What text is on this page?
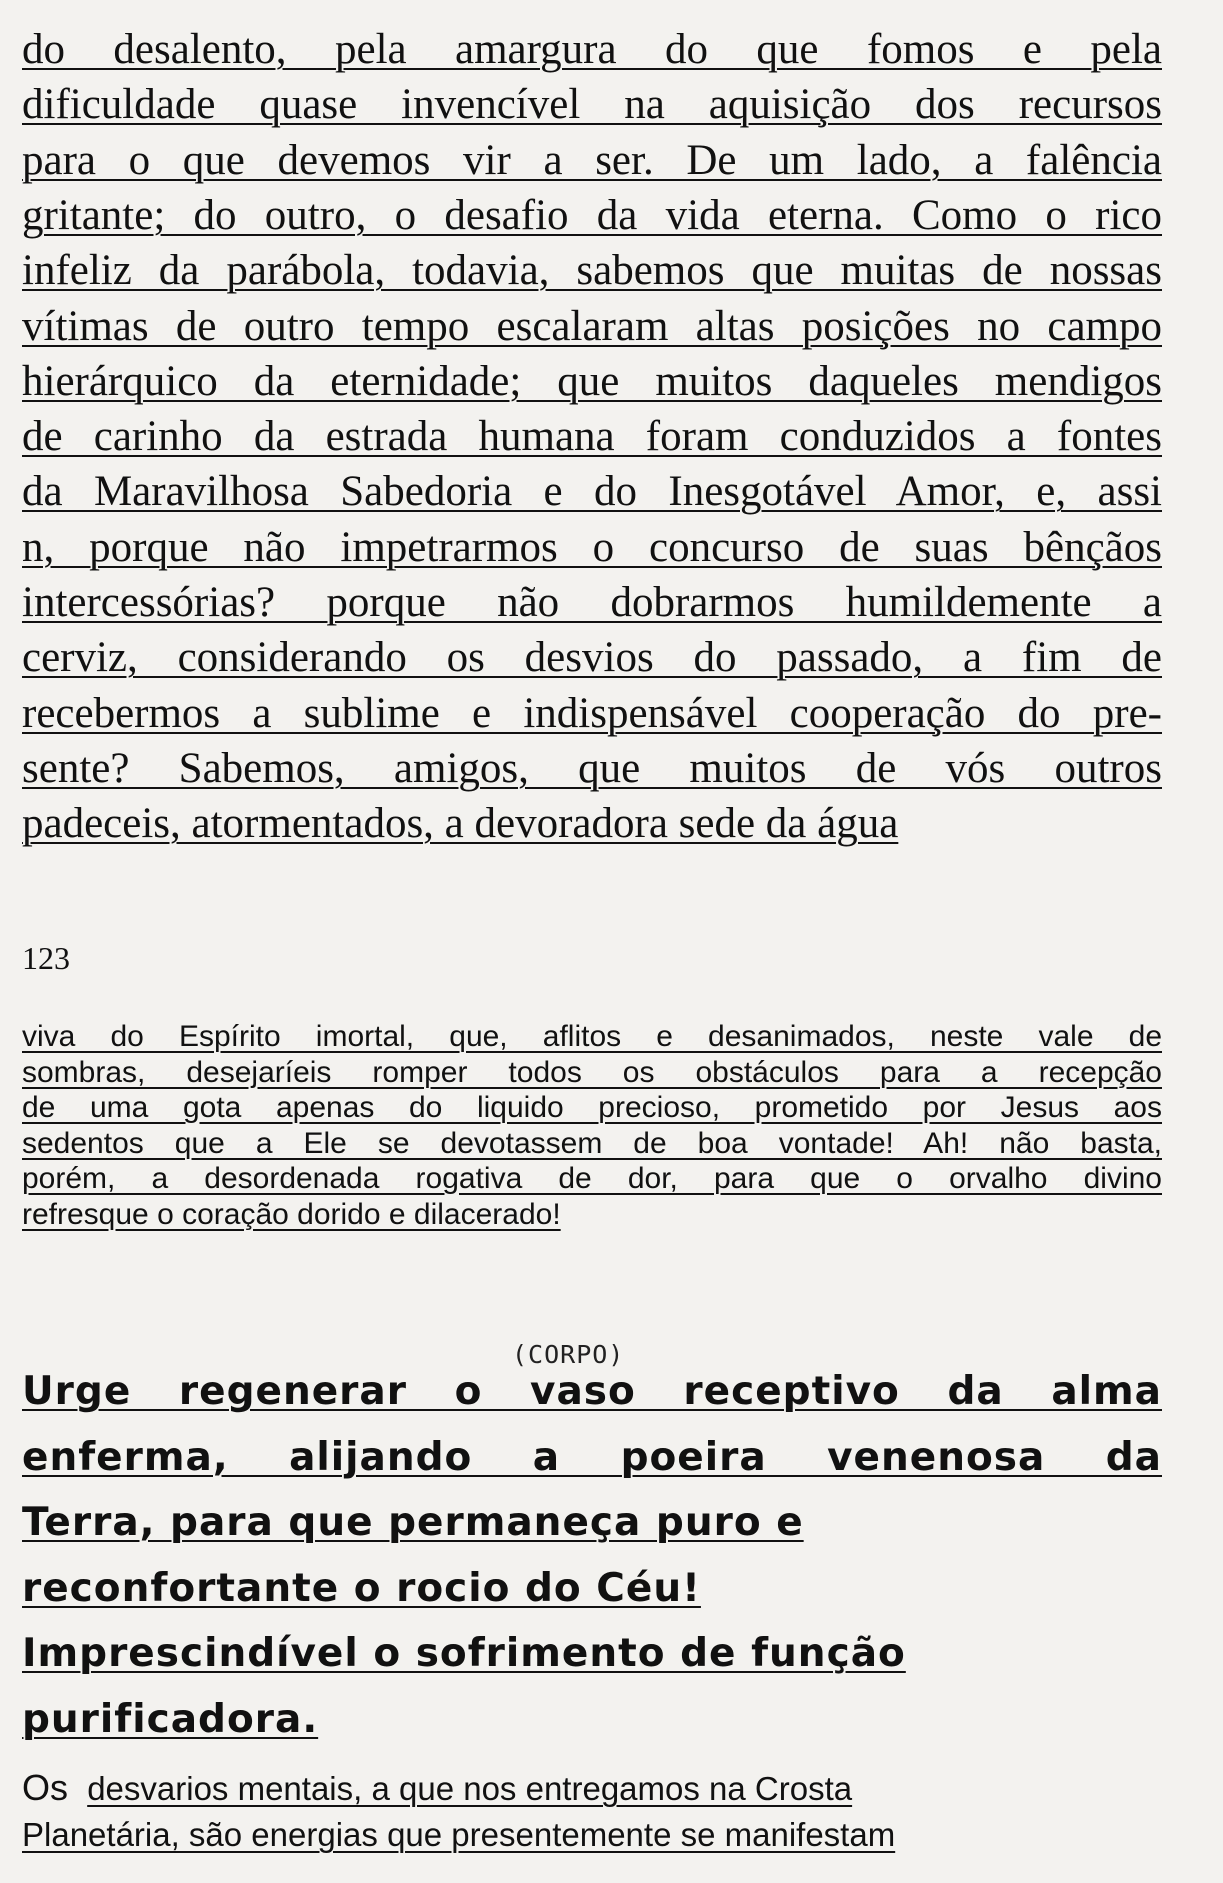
do desalento, pela amargura do que fomos e pela
dificuldade quase invencível na aquisição dos recursos
para o que devemos vir a ser. De um lado, a falência
gritante; do outro, o desafio da vida eterna. Como o rico
infeliz da parábola, todavia, sabemos que muitas de nossas
vítimas de outro tempo escalaram altas posições no campo
hierárquico da eternidade; que muitos daqueles mendigos
de carinho da estrada humana foram conduzidos a fontes
da Maravilhosa Sabedoria e do Inesgotável Amor, e, assi
n, porque não impetrarmos o concurso de suas bênçãos
intercessórias? porque não dobrarmos humildemente a
cerviz, considerando os desvios do passado, a fim de
recebermos a sublime e indispensável cooperação do pre-
sente? Sabemos, amigos, que muitos de vós outros
padeceis, atormentados, a devoradora sede da água
123
viva do Espírito imortal, que, aflitos e desanimados, neste vale de
sombras, desejaríeis romper todos os obstáculos para a recepção
de uma gota apenas do liquido precioso, prometido por Jesus aos
sedentos que a Ele se devotassem de boa vontade! Ah! não basta,
porém, a desordenada rogativa de dor, para que o orvalho divino
refresque o coração dorido e dilacerado!
(CORPO)
Urge regenerar o vaso receptivo da alma
enferma, alijando a poeira venenosa da
Terra, para que permaneça puro e
reconfortante o rocio do Céu!
Imprescindível o sofrimento de função
purificadora.
Os desvarios mentais, a que nos entregamos na Crosta
Planetária, são energias que presentemente se manifestam
